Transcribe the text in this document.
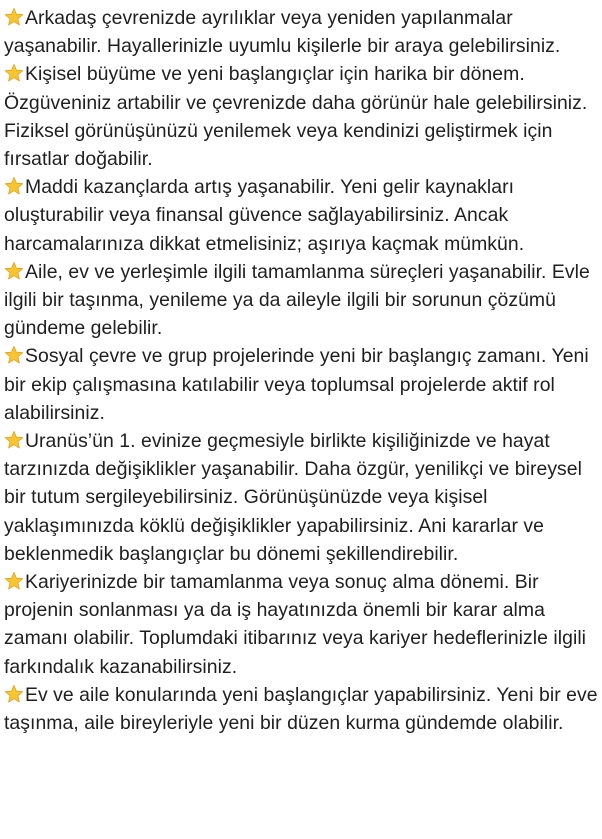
Arkadaş çevrenizde ayrılıklar veya yeniden yapılanmalar yaşanabilir. Hayallerinizle uyumlu kişilerle bir araya gelebilirsiniz.

Kişisel büyüme ve yeni başlangıçlar için harika bir dönem. Özgüveniniz artabilir ve çevrenizde daha görünür hale gelebilirsiniz. Fiziksel görünüşünüzü yenilemek veya kendinizi geliştirmek için fırsatlar doğabilir.

Maddi kazançlarda artış yaşanabilir. Yeni gelir kaynakları oluşturabilir veya finansal güvence sağlayabilirsiniz. Ancak harcamalarınıza dikkat etmelisiniz; aşırıya kaçmak mümkün.

Aile, ev ve yerleşimle ilgili tamamlanma süreçleri yaşanabilir. Evle ilgili bir taşınma, yenileme ya da aileyle ilgili bir sorunun çözümü gündeme gelebilir.

Sosyal çevre ve grup projelerinde yeni bir başlangıç zamanı. Yeni bir ekip çalışmasına katılabilir veya toplumsal projelerde aktif rol alabilirsiniz.

Uranüs’ün 1. evinize geçmesiyle birlikte kişiliğinizde ve hayat tarzınızda değişiklikler yaşanabilir. Daha özgür, yenilikçi ve bireysel bir tutum sergileyebilirsiniz. Görünüşünüzde veya kişisel yaklaşımınızda köklü değişiklikler yapabilirsiniz. Ani kararlar ve beklenmedik başlangıçlar bu dönemi şekillendirebilir.

Kariyerinizde bir tamamlanma veya sonuç alma dönemi. Bir projenin sonlanması ya da iş hayatınızda önemli bir karar alma zamanı olabilir. Toplumdaki itibarınız veya kariyer hedeflerinizle ilgili farkındalık kazanabilirsiniz.

Ev ve aile konularında yeni başlangıçlar yapabilirsiniz. Yeni bir eve taşınma, aile bireyleriyle yeni bir düzen kurma gündemde olabilir.
